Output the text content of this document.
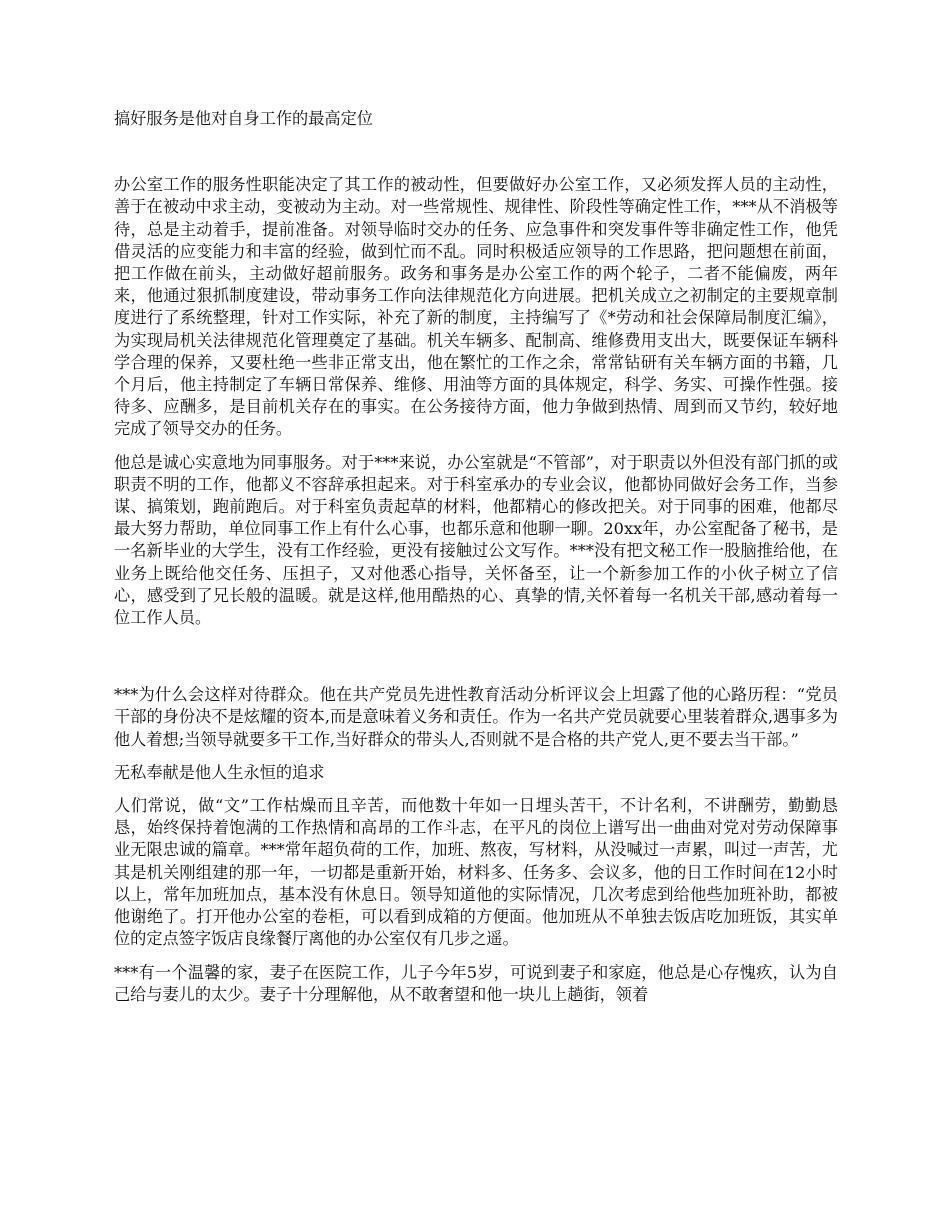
搞好服务是他对自身工作的最高定位

办公室工作的服务性职能决定了其工作的被动性，但要做好办公室工作，又必须发挥人员的主动性，善于在被动中求主动，变被动为主动。对一些常规性、规律性、阶段性等确定性工作，***从不消极等待，总是主动着手，提前准备。对领导临时交办的任务、应急事件和突发事件等非确定性工作，他凭借灵活的应变能力和丰富的经验，做到忙而不乱。同时积极适应领导的工作思路，把问题想在前面，把工作做在前头，主动做好超前服务。政务和事务是办公室工作的两个轮子，二者不能偏废，两年来，他通过狠抓制度建设，带动事务工作向法律规范化方向进展。把机关成立之初制定的主要规章制度进行了系统整理，针对工作实际，补充了新的制度，主持编写了《*劳动和社会保障局制度汇编》，为实现局机关法律规范化管理奠定了基础。机关车辆多、配制高、维修费用支出大，既要保证车辆科学合理的保养，又要杜绝一些非正常支出，他在繁忙的工作之余，常常钻研有关车辆方面的书籍，几个月后，他主持制定了车辆日常保养、维修、用油等方面的具体规定，科学、务实、可操作性强。接待多、应酬多，是目前机关存在的事实。在公务接待方面，他力争做到热情、周到而又节约，较好地完成了领导交办的任务。

他总是诚心实意地为同事服务。对于***来说，办公室就是“不管部”，对于职责以外但没有部门抓的或职责不明的工作，他都义不容辞承担起来。对于科室承办的专业会议，他都协同做好会务工作，当参谋、搞策划，跑前跑后。对于科室负责起草的材料，他都精心的修改把关。对于同事的困难，他都尽最大努力帮助，单位同事工作上有什么心事，也都乐意和他聊一聊。20xx年，办公室配备了秘书，是一名新毕业的大学生，没有工作经验，更没有接触过公文写作。***没有把文秘工作一股脑推给他，在业务上既给他交任务、压担子，又对他悉心指导，关怀备至，让一个新参加工作的小伙子树立了信心，感受到了兄长般的温暖。就是这样,他用酷热的心、真挚的情,关怀着每一名机关干部,感动着每一位工作人员。

***为什么会这样对待群众。他在共产党员先进性教育活动分析评议会上坦露了他的心路历程：“党员干部的身份决不是炫耀的资本,而是意味着义务和责任。作为一名共产党员就要心里装着群众,遇事多为他人着想;当领导就要多干工作,当好群众的带头人,否则就不是合格的共产党人,更不要去当干部。”

无私奉献是他人生永恒的追求

人们常说，做“文”工作枯燥而且辛苦，而他数十年如一日埋头苦干，不计名利，不讲酬劳，勤勤恳恳，始终保持着饱满的工作热情和高昂的工作斗志，在平凡的岗位上谱写出一曲曲对党对劳动保障事业无限忠诚的篇章。***常年超负荷的工作，加班、熬夜，写材料，从没喊过一声累，叫过一声苦，尤其是机关刚组建的那一年，一切都是重新开始，材料多、任务多、会议多，他的日工作时间在12小时以上，常年加班加点，基本没有休息日。领导知道他的实际情况，几次考虑到给他些加班补助，都被他谢绝了。打开他办公室的卷柜，可以看到成箱的方便面。他加班从不单独去饭店吃加班饭，其实单位的定点签字饭店良缘餐厅离他的办公室仅有几步之遥。

***有一个温馨的家，妻子在医院工作，儿子今年5岁，可说到妻子和家庭，他总是心存愧疚，认为自己给与妻儿的太少。妻子十分理解他，从不敢奢望和他一块儿上趟街，领着
